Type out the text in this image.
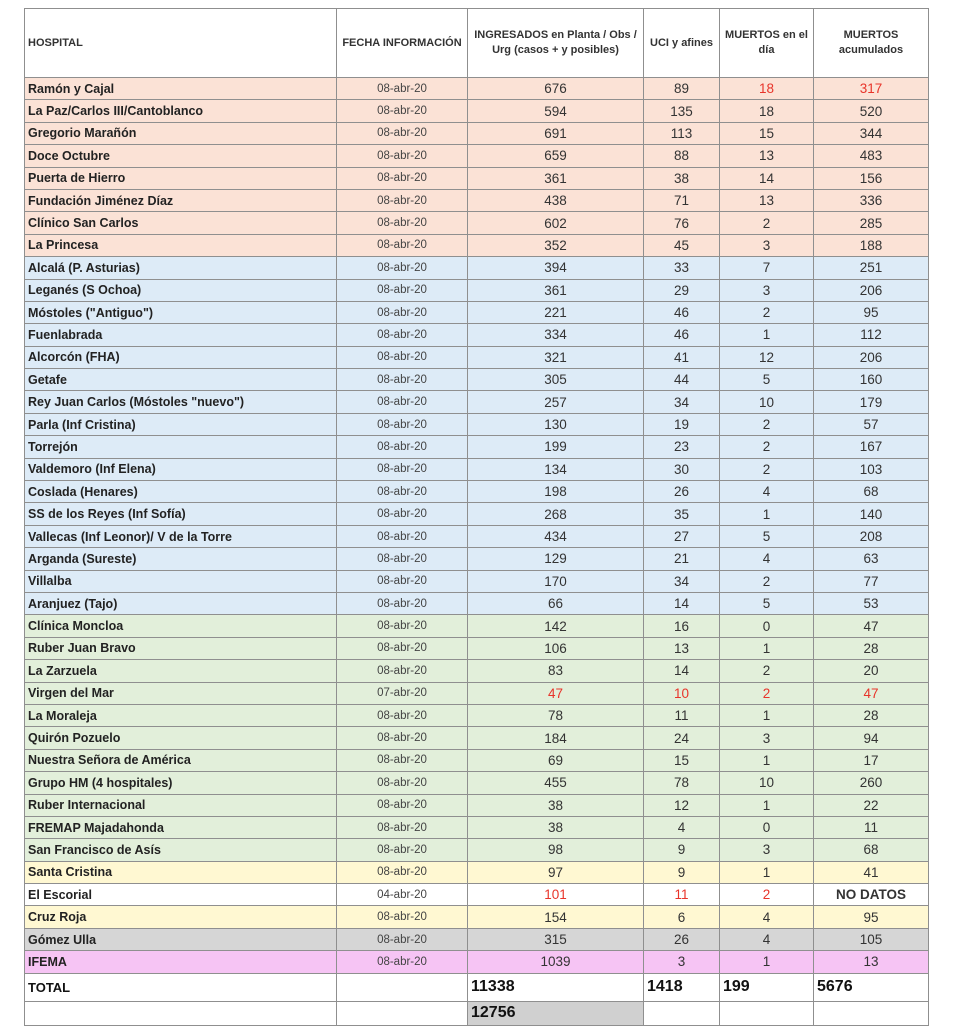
HOSPITAL	FECHA INFORMACIÓN	INGRESADOS en Planta / Obs / Urg (casos + y posibles)	UCI y afines	MUERTOS en el día	MUERTOS acumulados
Ramón y Cajal	08-abr-20	676	89	18	317
La Paz/Carlos III/Cantoblanco	08-abr-20	594	135	18	520
Gregorio Marañón	08-abr-20	691	113	15	344
Doce Octubre	08-abr-20	659	88	13	483
Puerta de Hierro	08-abr-20	361	38	14	156
Fundación Jiménez Díaz	08-abr-20	438	71	13	336
Clínico San Carlos	08-abr-20	602	76	2	285
La Princesa	08-abr-20	352	45	3	188
Alcalá (P. Asturias)	08-abr-20	394	33	7	251
Leganés (S Ochoa)	08-abr-20	361	29	3	206
Móstoles ("Antiguo")	08-abr-20	221	46	2	95
Fuenlabrada	08-abr-20	334	46	1	112
Alcorcón (FHA)	08-abr-20	321	41	12	206
Getafe	08-abr-20	305	44	5	160
Rey Juan Carlos (Móstoles "nuevo")	08-abr-20	257	34	10	179
Parla (Inf Cristina)	08-abr-20	130	19	2	57
Torrejón	08-abr-20	199	23	2	167
Valdemoro (Inf Elena)	08-abr-20	134	30	2	103
Coslada (Henares)	08-abr-20	198	26	4	68
SS de los Reyes (Inf Sofía)	08-abr-20	268	35	1	140
Vallecas (Inf Leonor)/ V de la Torre	08-abr-20	434	27	5	208
Arganda (Sureste)	08-abr-20	129	21	4	63
Villalba	08-abr-20	170	34	2	77
Aranjuez (Tajo)	08-abr-20	66	14	5	53
Clínica Moncloa	08-abr-20	142	16	0	47
Ruber Juan Bravo	08-abr-20	106	13	1	28
La Zarzuela	08-abr-20	83	14	2	20
Virgen del Mar	07-abr-20	47	10	2	47
La Moraleja	08-abr-20	78	11	1	28
Quirón Pozuelo	08-abr-20	184	24	3	94
Nuestra Señora de América	08-abr-20	69	15	1	17
Grupo HM (4 hospitales)	08-abr-20	455	78	10	260
Ruber Internacional	08-abr-20	38	12	1	22
FREMAP Majadahonda	08-abr-20	38	4	0	11
San Francisco de Asís	08-abr-20	98	9	3	68
Santa Cristina	08-abr-20	97	9	1	41
El Escorial	04-abr-20	101	11	2	NO DATOS
Cruz Roja	08-abr-20	154	6	4	95
Gómez Ulla	08-abr-20	315	26	4	105
IFEMA	08-abr-20	1039	3	1	13
TOTAL		11338	1418	199	5676
		12756			
